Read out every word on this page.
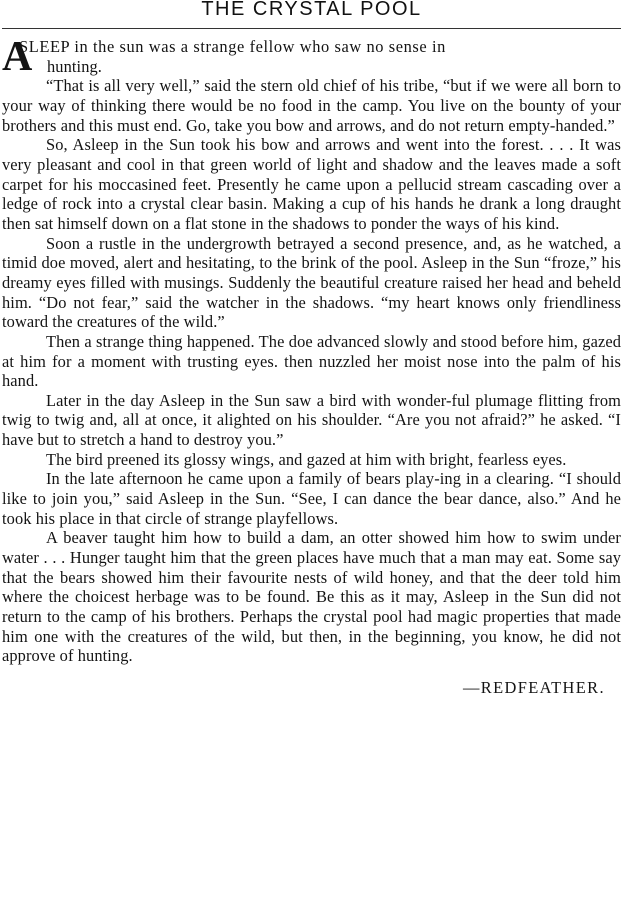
THE CRYSTAL POOL

A
SLEEP in the sun was a strange fellow who saw no sense in
hunting.

“That is all very well,” said the stern old chief of his tribe, “but if we were all born to your way of thinking there would be no food in the camp. You live on the bounty of your brothers and this must end. Go, take you bow and arrows, and do not return empty-handed.”

So, Asleep in the Sun took his bow and arrows and went into the forest. . . . It was very pleasant and cool in that green world of light and shadow and the leaves made a soft carpet for his moccasined feet. Presently he came upon a pellucid stream cascading over a ledge of rock into a crystal clear basin. Making a cup of his hands he drank a long draught then sat himself down on a flat stone in the shadows to ponder the ways of his kind.

Soon a rustle in the undergrowth betrayed a second presence, and, as he watched, a timid doe moved, alert and hesitating, to the brink of the pool. Asleep in the Sun “froze,” his dreamy eyes filled with musings. Suddenly the beautiful creature raised her head and beheld him. “Do not fear,” said the watcher in the shadows. “my heart knows only friendliness toward the creatures of the wild.”

Then a strange thing happened. The doe advanced slowly and stood before him, gazed at him for a moment with trusting eyes. then nuzzled her moist nose into the palm of his hand.

Later in the day Asleep in the Sun saw a bird with wonder-ful plumage flitting from twig to twig and, all at once, it alighted on his shoulder. “Are you not afraid?” he asked. “I have but to stretch a hand to destroy you.”

The bird preened its glossy wings, and gazed at him with bright, fearless eyes.

In the late afternoon he came upon a family of bears play-ing in a clearing. “I should like to join you,” said Asleep in the Sun. “See, I can dance the bear dance, also.” And he took his place in that circle of strange playfellows.

A beaver taught him how to build a dam, an otter showed him how to swim under water . . . Hunger taught him that the green places have much that a man may eat. Some say that the bears showed him their favourite nests of wild honey, and that the deer told him where the choicest herbage was to be found. Be this as it may, Asleep in the Sun did not return to the camp of his brothers. Perhaps the crystal pool had magic properties that made him one with the creatures of the wild, but then, in the beginning, you know, he did not approve of hunting.

—REDFEATHER.
